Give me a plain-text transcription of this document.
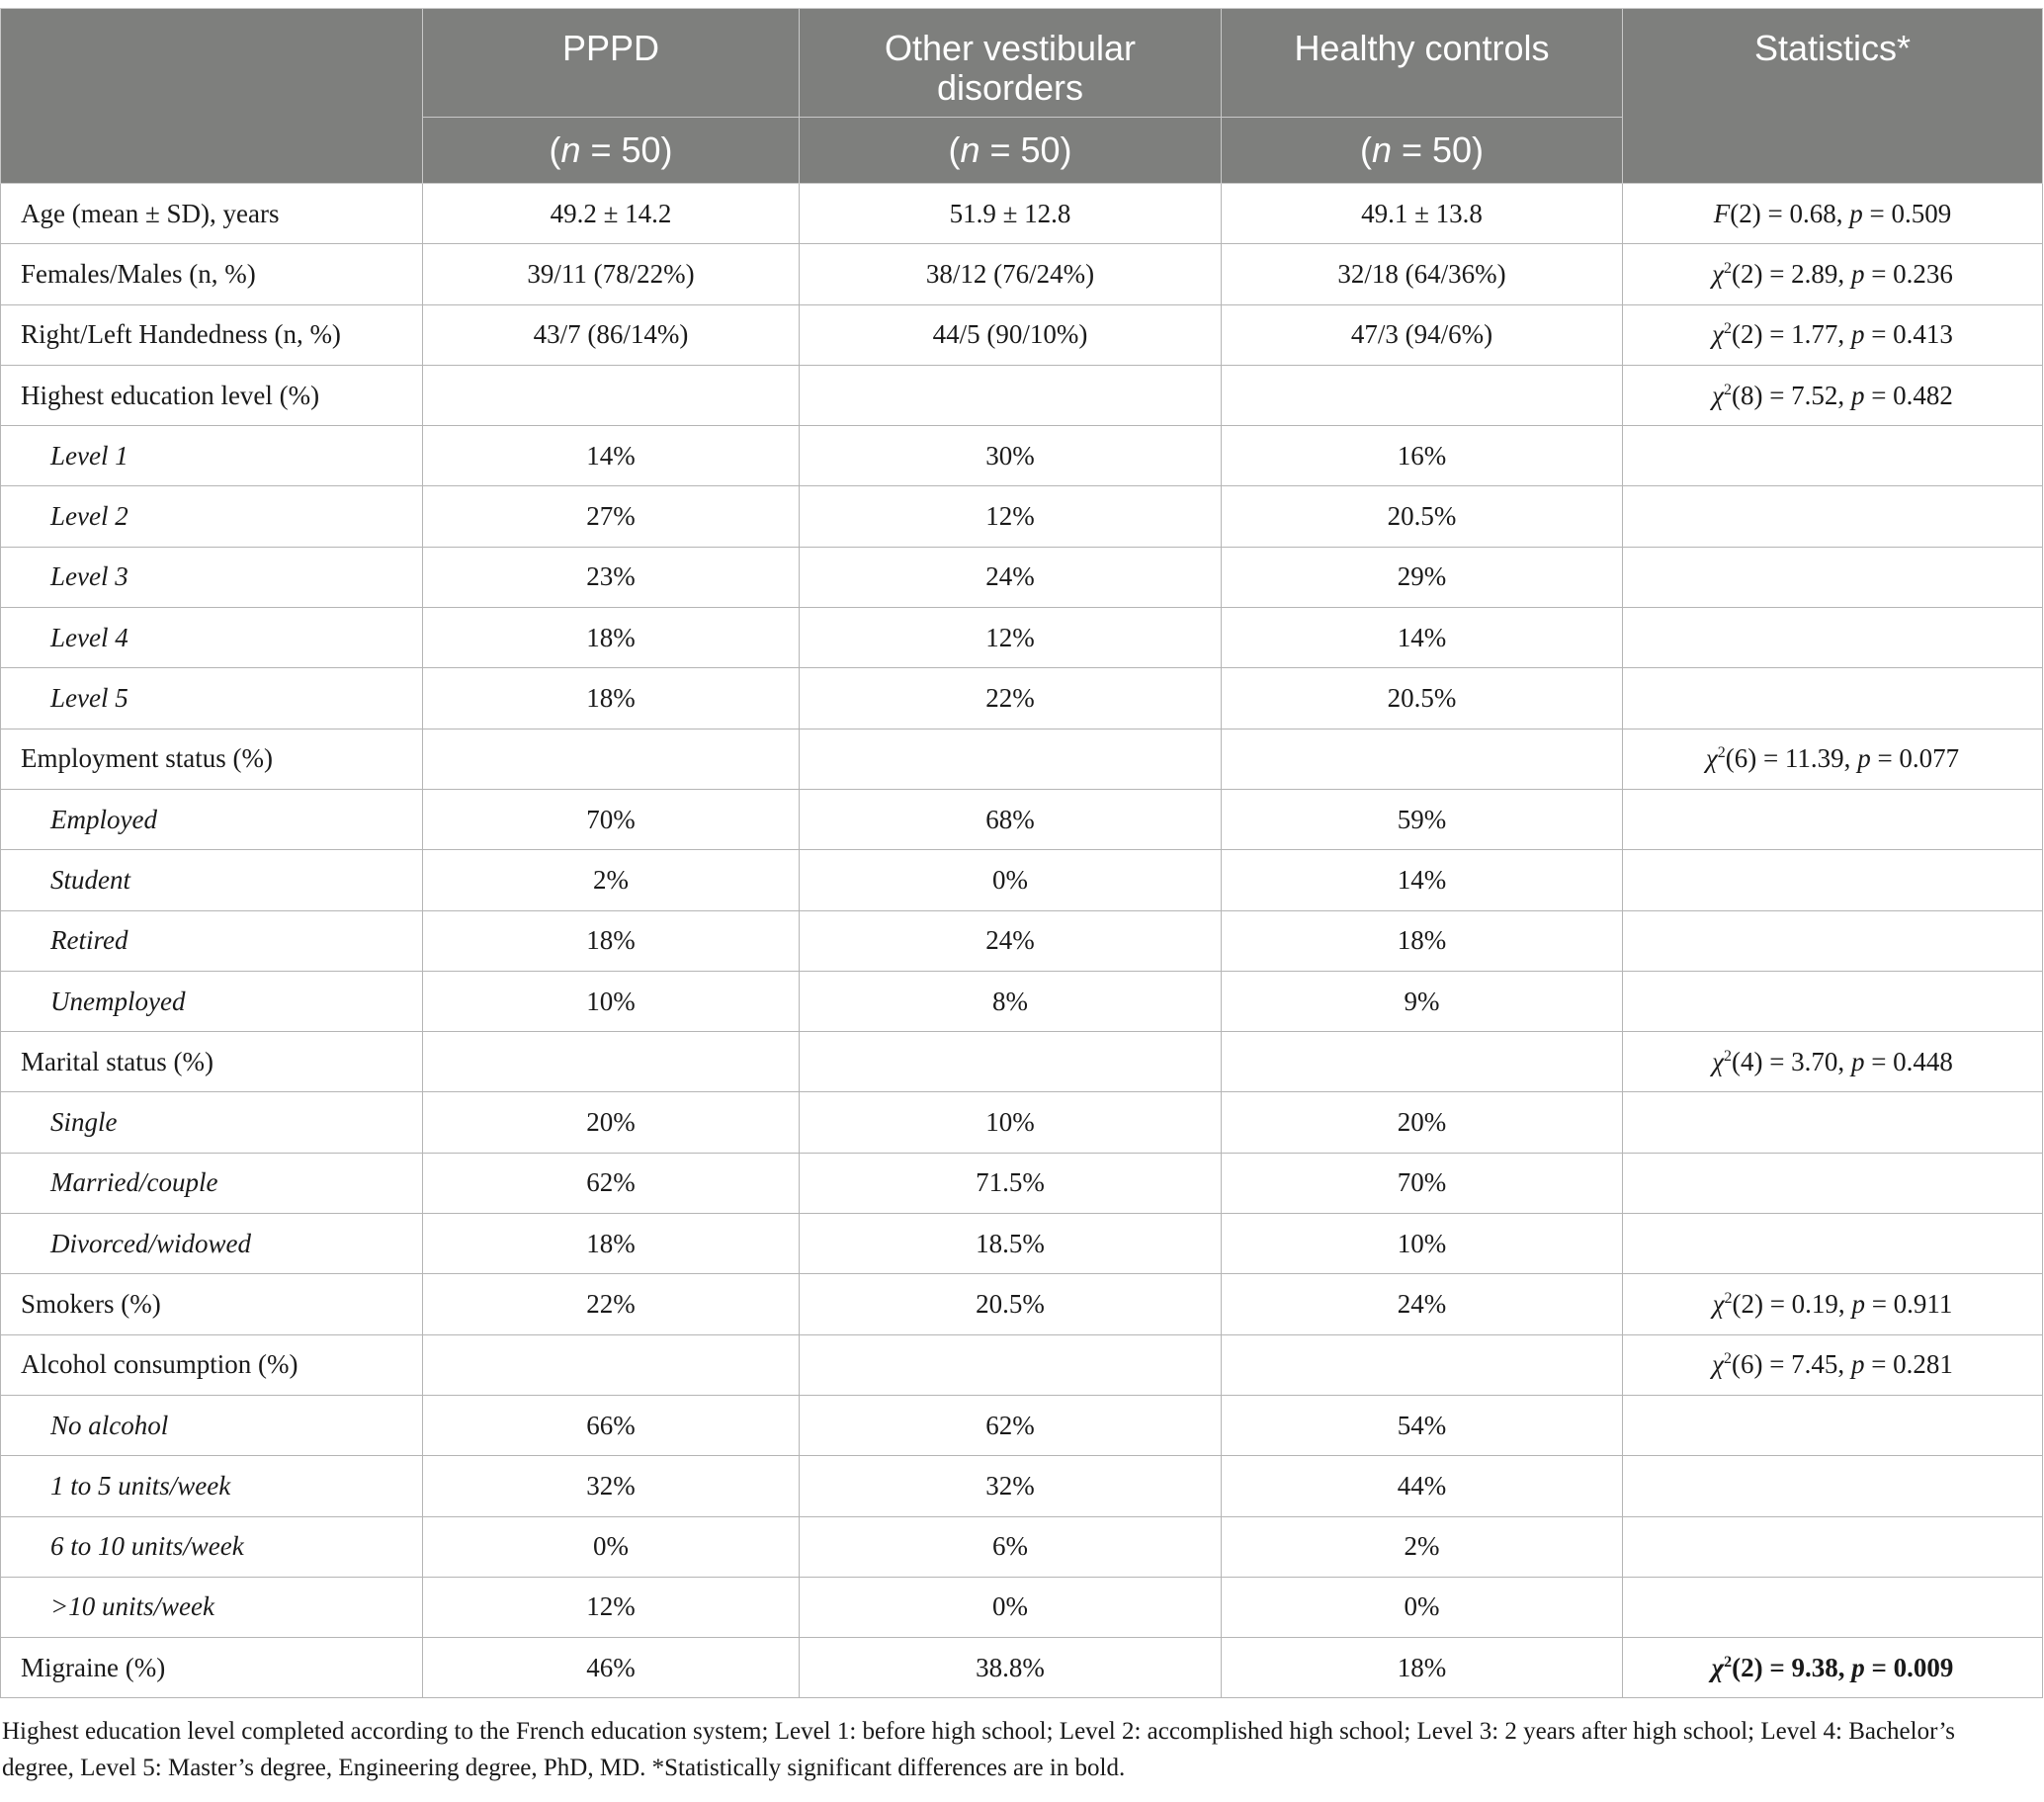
	PPPD	Other vestibular disorders	Healthy controls	Statistics*
	(n = 50)	(n = 50)	(n = 50)	
Age (mean ± SD), years	49.2 ± 14.2	51.9 ± 12.8	49.1 ± 13.8	F(2) = 0.68, p = 0.509
Females/Males (n, %)	39/11 (78/22%)	38/12 (76/24%)	32/18 (64/36%)	$\chi^2(2) = 2.89$, p = 0.236
Right/Left Handedness (n, %)	43/7 (86/14%)	44/5 (90/10%)	47/3 (94/6%)	$\chi^2(2) = 1.77$, p = 0.413
Highest education level (%)				$\chi^2(8) = 7.52$, p = 0.482
Level 1	14%	30%	16%	
Level 2	27%	12%	20.5%	
Level 3	23%	24%	29%	
Level 4	18%	12%	14%	
Level 5	18%	22%	20.5%	
Employment status (%)				$\chi^2(6) = 11.39$, p = 0.077
Employed	70%	68%	59%	
Student	2%	0%	14%	
Retired	18%	24%	18%	
Unemployed	10%	8%	9%	
Marital status (%)				$\chi^2(4) = 3.70$, p = 0.448
Single	20%	10%	20%	
Married/couple	62%	71.5%	70%	
Divorced/widowed	18%	18.5%	10%	
Smokers (%)	22%	20.5%	24%	$\chi^2(2) = 0.19$, p = 0.911
Alcohol consumption (%)				$\chi^2(6) = 7.45$, p = 0.281
No alcohol	66%	62%	54%	
1 to 5 units/week	32%	32%	44%	
6 to 10 units/week	0%	6%	2%	
>10 units/week	12%	0%	0%	
Migraine (%)	46%	38.8%	18%	$\chi^2(2) = 9.38$, p = 0.009
Highest education level completed according to the French education system; Level 1: before high school; Level 2: accomplished high school; Level 3: 2 years after high school; Level 4: Bachelor’s degree, Level 5: Master’s degree, Engineering degree, PhD, MD. *Statistically significant differences are in bold.
